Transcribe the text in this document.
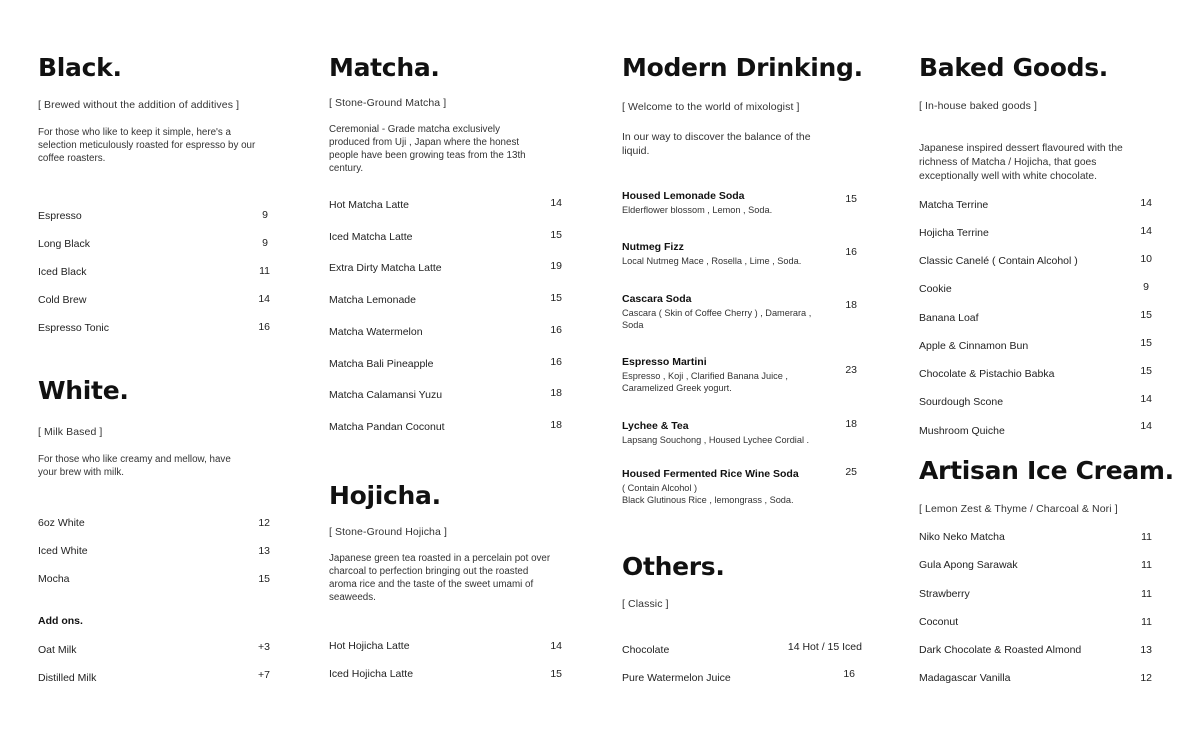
Black.
[ Brewed without the addition of additives ]
For those who like to keep it simple, here's a selection meticulously roasted for espresso by our coffee roasters.
Espresso	9
Long Black	9
Iced Black	11
Cold Brew	14
Espresso Tonic	16
White.
[ Milk Based ]
For those who like creamy and mellow, have your brew with milk.
6oz White	12
Iced White	13
Mocha	15
Add ons.
Oat Milk	+3
Distilled Milk	+7
Matcha.
[ Stone-Ground Matcha ]
Ceremonial - Grade matcha exclusively produced from Uji , Japan where the honest people have been growing teas from the 13th century.
Hot Matcha Latte	14
Iced Matcha Latte	15
Extra Dirty Matcha Latte	19
Matcha Lemonade	15
Matcha Watermelon	16
Matcha Bali Pineapple	16
Matcha Calamansi Yuzu	18
Matcha Pandan Coconut	18
Hojicha.
[ Stone-Ground Hojicha ]
Japanese green tea roasted in a percelain pot over charcoal to perfection bringing out the roasted aroma rice and the taste of the sweet umami of seaweeds.
Hot Hojicha Latte	14
Iced Hojicha Latte	15
Modern Drinking.
[ Welcome to the world of mixologist ]
In our way to discover the balance of the liquid.
Housed Lemonade Soda
Elderflower blossom , Lemon , Soda.
15
Nutmeg Fizz
Local Nutmeg Mace , Rosella , Lime , Soda.
16
Cascara Soda
Cascara ( Skin of Coffee Cherry ) , Damerara , Soda
18
Espresso Martini
Espresso , Koji , Clarified Banana Juice , Caramelized Greek yogurt.
23
Lychee & Tea
Lapsang Souchong , Housed Lychee Cordial .
18
Housed Fermented Rice Wine Soda
( Contain Alcohol )
Black Glutinous Rice , lemongrass , Soda.
25
Others.
[ Classic ]
Chocolate	14 Hot / 15 Iced
Pure Watermelon Juice	16
Baked Goods.
[ In-house baked goods ]
Japanese inspired dessert flavoured with the richness of Matcha / Hojicha, that goes exceptionally well with white chocolate.
Matcha Terrine	14
Hojicha Terrine	14
Classic Canelé ( Contain Alcohol )	10
Cookie	9
Banana Loaf	15
Apple & Cinnamon Bun	15
Chocolate & Pistachio Babka	15
Sourdough Scone	14
Mushroom Quiche	14
Artisan Ice Cream.
[ Lemon Zest & Thyme / Charcoal & Nori ]
Niko Neko Matcha	11
Gula Apong Sarawak	11
Strawberry	11
Coconut	11
Dark Chocolate & Roasted Almond	13
Madagascar Vanilla	12
